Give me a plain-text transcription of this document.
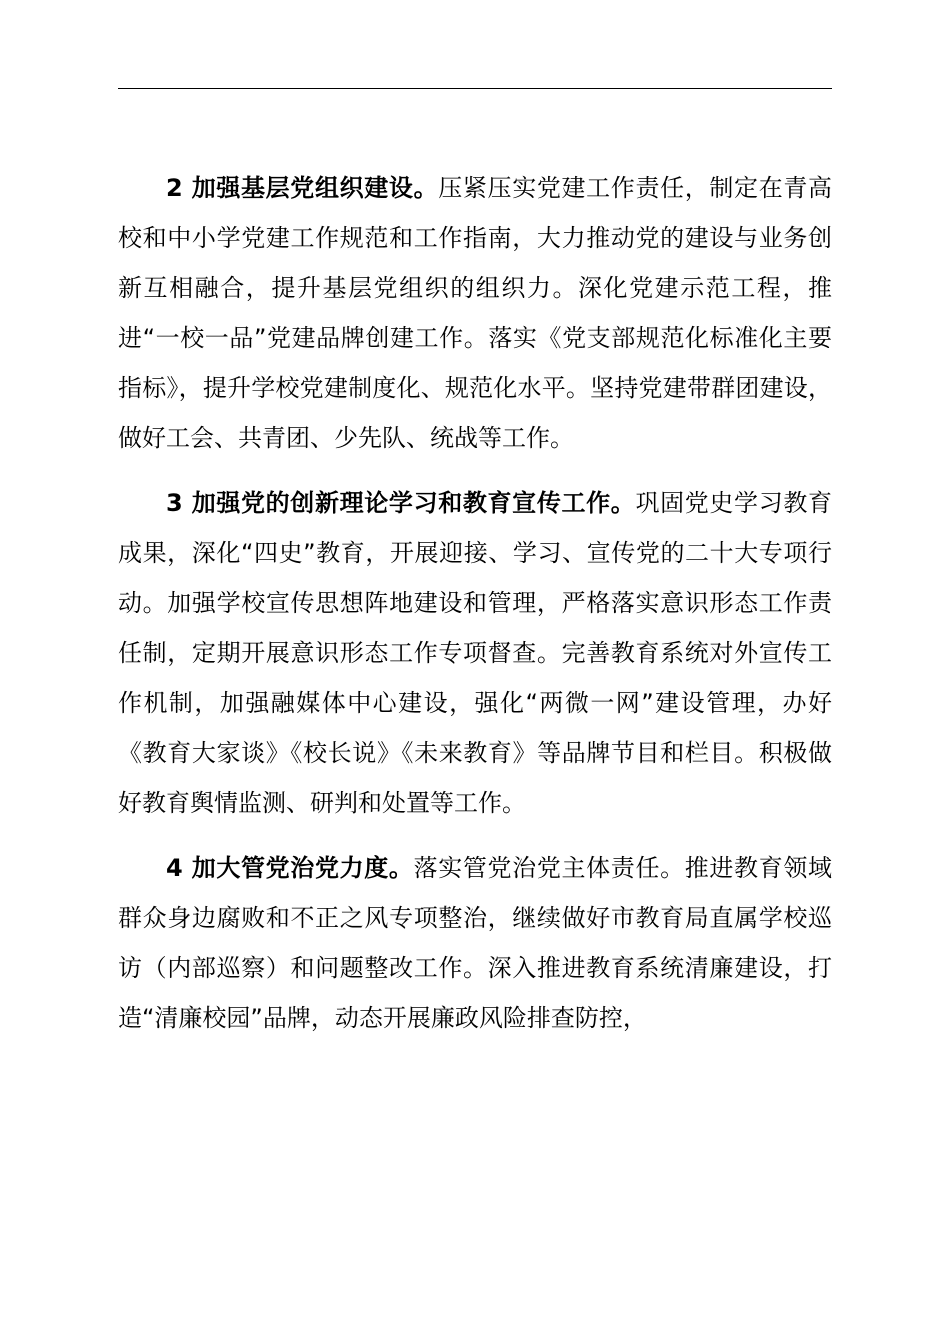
2 加强基层党组织建设。压紧压实党建工作责任，制定在青高校和中小学党建工作规范和工作指南，大力推动党的建设与业务创新互相融合，提升基层党组织的组织力。深化党建示范工程，推进“一校一品”党建品牌创建工作。落实《党支部规范化标准化主要指标》，提升学校党建制度化、规范化水平。坚持党建带群团建设，做好工会、共青团、少先队、统战等工作。

3 加强党的创新理论学习和教育宣传工作。巩固党史学习教育成果，深化“四史”教育，开展迎接、学习、宣传党的二十大专项行动。加强学校宣传思想阵地建设和管理，严格落实意识形态工作责任制，定期开展意识形态工作专项督查。完善教育系统对外宣传工作机制，加强融媒体中心建设，强化“两微一网”建设管理，办好《教育大家谈》《校长说》《未来教育》等品牌节目和栏目。积极做好教育舆情监测、研判和处置等工作。

4 加大管党治党力度。落实管党治党主体责任。推进教育领域群众身边腐败和不正之风专项整治，继续做好市教育局直属学校巡访（内部巡察）和问题整改工作。深入推进教育系统清廉建设，打造“清廉校园”品牌，动态开展廉政风险排查防控，
